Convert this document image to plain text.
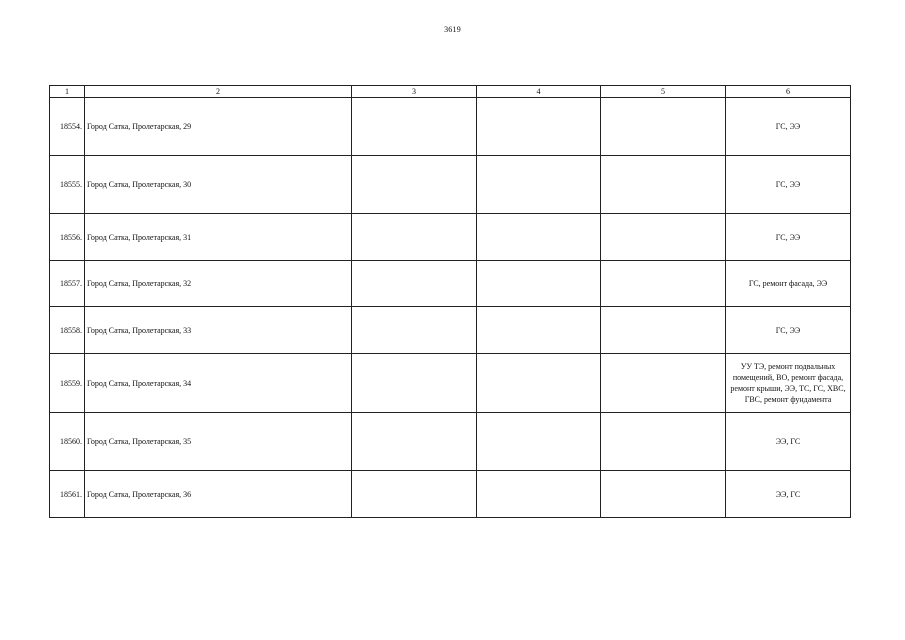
3619
1	2	3	4	5	6
18554.	Город Сатка, Пролетарская, 29				ГС, ЭЭ
18555.	Город Сатка, Пролетарская, 30				ГС, ЭЭ
18556.	Город Сатка, Пролетарская, 31				ГС, ЭЭ
18557.	Город Сатка, Пролетарская, 32				ГС, ремонт фасада, ЭЭ
18558.	Город Сатка, Пролетарская, 33				ГС, ЭЭ
18559.	Город Сатка, Пролетарская, 34				УУ ТЭ, ремонт подвальных помещений, ВО, ремонт фасада, ремонт крыши, ЭЭ, ТС, ГС, ХВС, ГВС, ремонт фундамента
18560.	Город Сатка, Пролетарская, 35				ЭЭ, ГС
18561.	Город Сатка, Пролетарская, 36				ЭЭ, ГС
